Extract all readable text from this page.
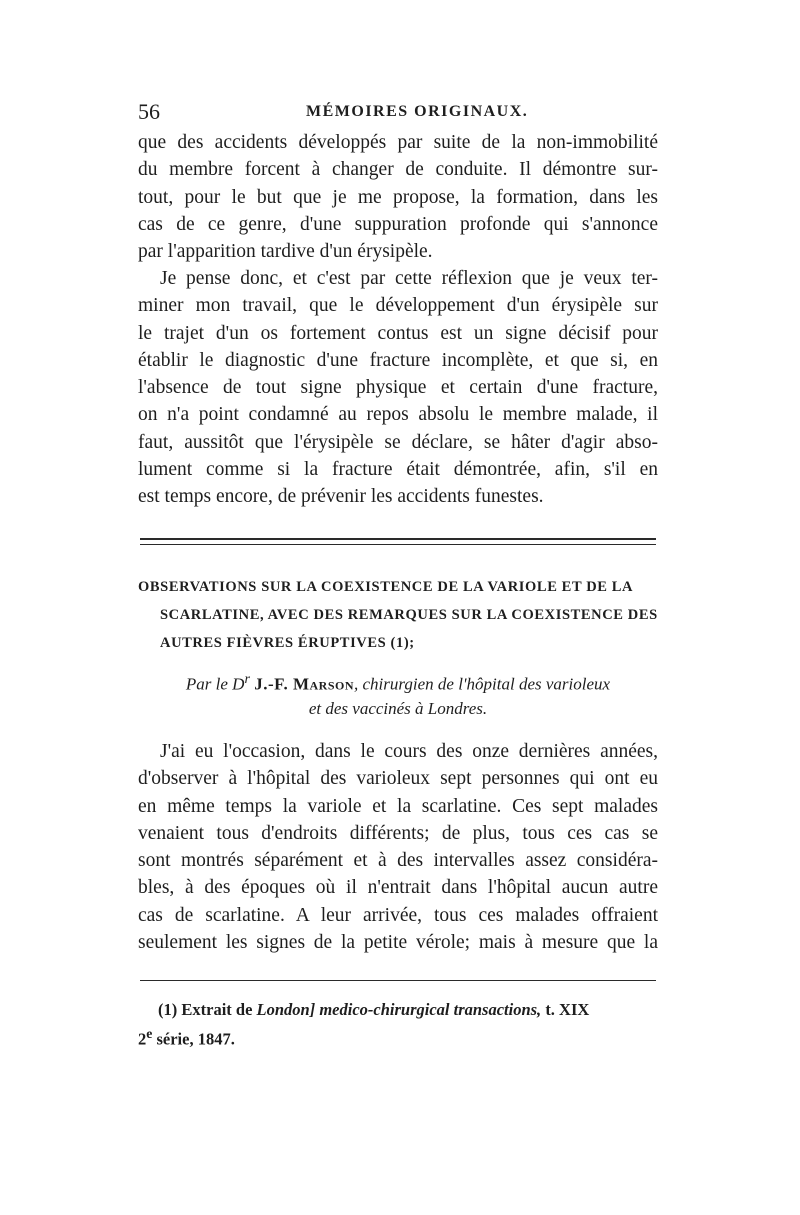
56	MÉMOIRES ORIGINAUX.
que des accidents développés par suite de la non-immobilité
du membre forcent à changer de conduite. Il démontre sur-
tout, pour le but que je me propose, la formation, dans les
cas de ce genre, d'une suppuration profonde qui s'annonce
par l'apparition tardive d'un érysipèle.
Je pense donc, et c'est par cette réflexion que je veux ter-
miner mon travail, que le développement d'un érysipèle sur
le trajet d'un os fortement contus est un signe décisif pour
établir le diagnostic d'une fracture incomplète, et que si, en
l'absence de tout signe physique et certain d'une fracture,
on n'a point condamné au repos absolu le membre malade, il
faut, aussitôt que l'érysipèle se déclare, se hâter d'agir abso-
lument comme si la fracture était démontrée, afin, s'il en
est temps encore, de prévenir les accidents funestes.
OBSERVATIONS SUR LA COEXISTENCE DE LA VARIOLE ET DE LA
SCARLATINE, AVEC DES REMARQUES SUR LA COEXISTENCE DES
AUTRES FIÈVRES ÉRUPTIVES (1);
Par le $D^r$ J.-F. Marson, chirurgien de l'hôpital des varioleux
et des vaccinés à Londres.
J'ai eu l'occasion, dans le cours des onze dernières années,
d'observer à l'hôpital des varioleux sept personnes qui ont eu
en même temps la variole et la scarlatine. Ces sept malades
venaient tous d'endroits différents; de plus, tous ces cas se
sont montrés séparément et à des intervalles assez considéra-
bles, à des époques où il n'entrait dans l'hôpital aucun autre
cas de scarlatine. A leur arrivée, tous ces malades offraient
seulement les signes de la petite vérole; mais à mesure que la
(1) Extrait de London] medico-chirurgical transactions, t. XIX
2e série, 1847.
